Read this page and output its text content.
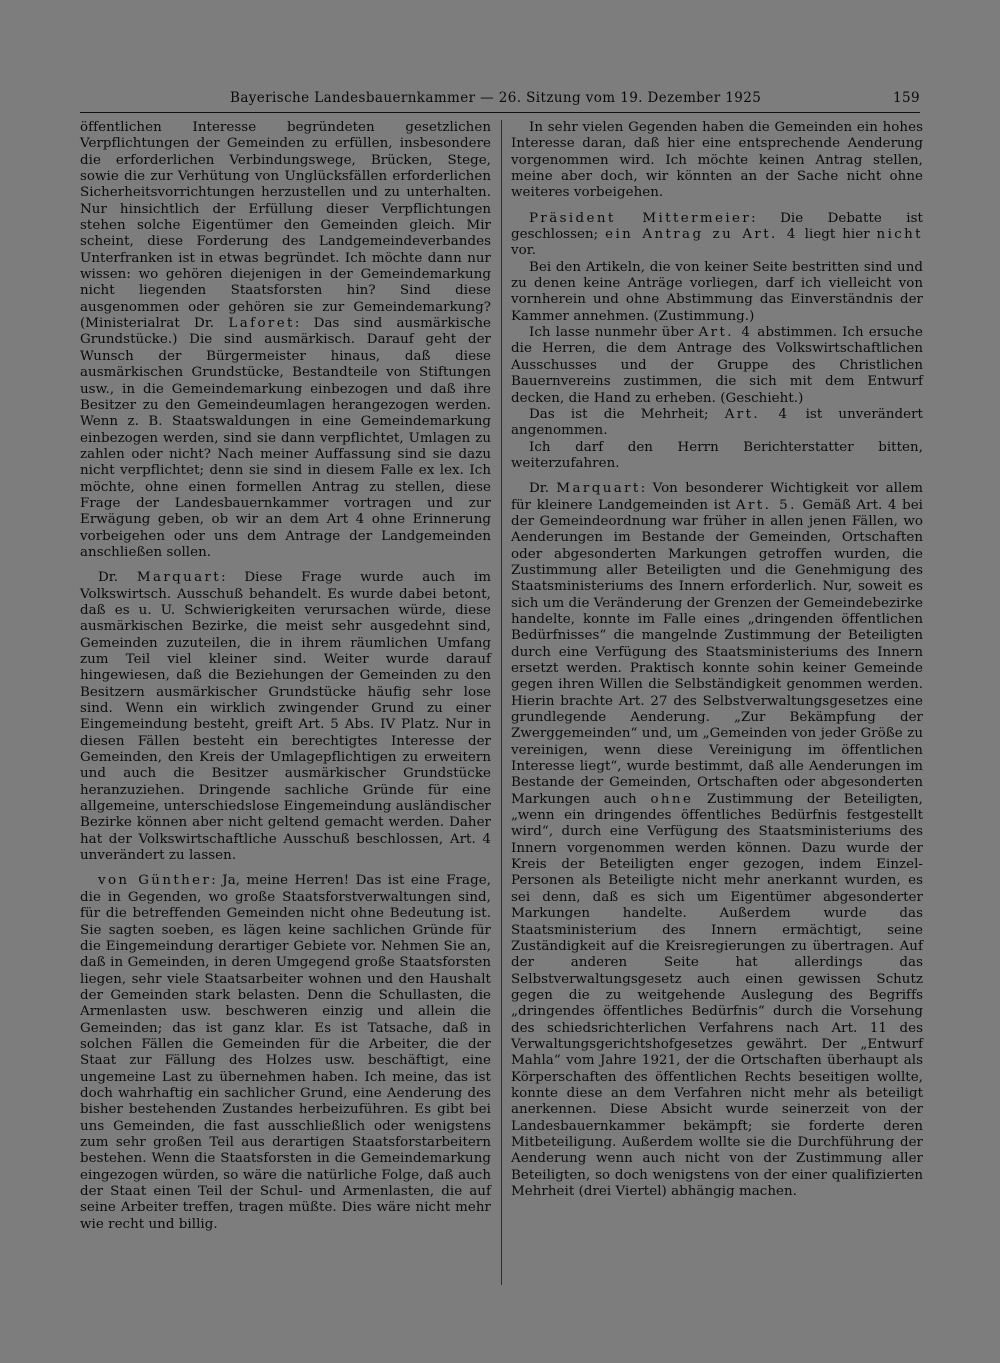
Bayerische Landesbauernkammer — 26. Sitzung vom 19. Dezember 1925	159

öffentlichen Interesse begründeten gesetzlichen Verpflichtungen der Gemeinden zu erfüllen, insbesondere die erforderlichen Verbindungswege, Brücken, Stege, sowie die zur Verhütung von Unglücksfällen erforderlichen Sicherheitsvorrichtungen herzustellen und zu unterhalten. Nur hinsichtlich der Erfüllung dieser Verpflichtungen stehen solche Eigentümer den Gemeinden gleich. Mir scheint, diese Forderung des Landgemeindeverbandes Unterfranken ist in etwas begründet. Ich möchte dann nur wissen: wo gehören diejenigen in der Gemeindemarkung nicht liegenden Staatsforsten hin? Sind diese ausgenommen oder gehören sie zur Gemeindemarkung? (Ministerialrat Dr. Laforet: Das sind ausmärkische Grundstücke.) Die sind ausmärkisch. Darauf geht der Wunsch der Bürgermeister hinaus, daß diese ausmärkischen Grundstücke, Bestandteile von Stiftungen usw., in die Gemeindemarkung einbezogen und daß ihre Besitzer zu den Gemeindeumlagen herangezogen werden. Wenn z. B. Staatswaldungen in eine Gemeindemarkung einbezogen werden, sind sie dann verpflichtet, Umlagen zu zahlen oder nicht? Nach meiner Auffassung sind sie dazu nicht verpflichtet; denn sie sind in diesem Falle ex lex. Ich möchte, ohne einen formellen Antrag zu stellen, diese Frage der Landesbauernkammer vortragen und zur Erwägung geben, ob wir an dem Art 4 ohne Erinnerung vorbeigehen oder uns dem Antrage der Landgemeinden anschließen sollen.

Dr. Marquart: Diese Frage wurde auch im Volkswirtsch. Ausschuß behandelt. Es wurde dabei betont, daß es u. U. Schwierigkeiten verursachen würde, diese ausmärkischen Bezirke, die meist sehr ausgedehnt sind, Gemeinden zuzuteilen, die in ihrem räumlichen Umfang zum Teil viel kleiner sind. Weiter wurde darauf hingewiesen, daß die Beziehungen der Gemeinden zu den Besitzern ausmärkischer Grundstücke häufig sehr lose sind. Wenn ein wirklich zwingender Grund zu einer Eingemeindung besteht, greift Art. 5 Abs. IV Platz. Nur in diesen Fällen besteht ein berechtigtes Interesse der Gemeinden, den Kreis der Umlagepflichtigen zu erweitern und auch die Besitzer ausmärkischer Grundstücke heranzuziehen. Dringende sachliche Gründe für eine allgemeine, unterschiedslose Eingemeindung ausländischer Bezirke können aber nicht geltend gemacht werden. Daher hat der Volkswirtschaftliche Ausschuß beschlossen, Art. 4 unverändert zu lassen.

von Günther: Ja, meine Herren! Das ist eine Frage, die in Gegenden, wo große Staatsforstverwaltungen sind, für die betreffenden Gemeinden nicht ohne Bedeutung ist. Sie sagten soeben, es lägen keine sachlichen Gründe für die Eingemeindung derartiger Gebiete vor. Nehmen Sie an, daß in Gemeinden, in deren Umgegend große Staatsforsten liegen, sehr viele Staatsarbeiter wohnen und den Haushalt der Gemeinden stark belasten. Denn die Schullasten, die Armenlasten usw. beschweren einzig und allein die Gemeinden; das ist ganz klar. Es ist Tatsache, daß in solchen Fällen die Gemeinden für die Arbeiter, die der Staat zur Fällung des Holzes usw. beschäftigt, eine ungemeine Last zu übernehmen haben. Ich meine, das ist doch wahrhaftig ein sachlicher Grund, eine Aenderung des bisher bestehenden Zustandes herbeizuführen. Es gibt bei uns Gemeinden, die fast ausschließlich oder wenigstens zum sehr großen Teil aus derartigen Staatsforstarbeitern bestehen. Wenn die Staatsforsten in die Gemeindemarkung eingezogen würden, so wäre die natürliche Folge, daß auch der Staat einen Teil der Schul- und Armenlasten, die auf seine Arbeiter treffen, tragen müßte. Dies wäre nicht mehr wie recht und billig.

In sehr vielen Gegenden haben die Gemeinden ein hohes Interesse daran, daß hier eine entsprechende Aenderung vorgenommen wird. Ich möchte keinen Antrag stellen, meine aber doch, wir könnten an der Sache nicht ohne weiteres vorbeigehen.

Präsident Mittermeier: Die Debatte ist geschlossen; ein Antrag zu Art. 4 liegt hier nicht vor.

Bei den Artikeln, die von keiner Seite bestritten sind und zu denen keine Anträge vorliegen, darf ich vielleicht von vornherein und ohne Abstimmung das Einverständnis der Kammer annehmen. (Zustimmung.)

Ich lasse nunmehr über Art. 4 abstimmen. Ich ersuche die Herren, die dem Antrage des Volkswirtschaftlichen Ausschusses und der Gruppe des Christlichen Bauernvereins zustimmen, die sich mit dem Entwurf decken, die Hand zu erheben. (Geschieht.)

Das ist die Mehrheit; Art. 4 ist unverändert angenommen.

Ich darf den Herrn Berichterstatter bitten, weiterzufahren.

Dr. Marquart: Von besonderer Wichtigkeit vor allem für kleinere Landgemeinden ist Art. 5. Gemäß Art. 4 bei der Gemeindeordnung war früher in allen jenen Fällen, wo Aenderungen im Bestande der Gemeinden, Ortschaften oder abgesonderten Markungen getroffen wurden, die Zustimmung aller Beteiligten und die Genehmigung des Staatsministeriums des Innern erforderlich. Nur, soweit es sich um die Veränderung der Grenzen der Gemeindebezirke handelte, konnte im Falle eines „dringenden öffentlichen Bedürfnisses“ die mangelnde Zustimmung der Beteiligten durch eine Verfügung des Staatsministeriums des Innern ersetzt werden. Praktisch konnte sohin keiner Gemeinde gegen ihren Willen die Selbständigkeit genommen werden. Hierin brachte Art. 27 des Selbstverwaltungsgesetzes eine grundlegende Aenderung. „Zur Bekämpfung der Zwerggemeinden“ und, um „Gemeinden von jeder Größe zu vereinigen, wenn diese Vereinigung im öffentlichen Interesse liegt“, wurde bestimmt, daß alle Aenderungen im Bestande der Gemeinden, Ortschaften oder abgesonderten Markungen auch ohne Zustimmung der Beteiligten, „wenn ein dringendes öffentliches Bedürfnis festgestellt wird“, durch eine Verfügung des Staatsministeriums des Innern vorgenommen werden können. Dazu wurde der Kreis der Beteiligten enger gezogen, indem Einzel-Personen als Beteiligte nicht mehr anerkannt wurden, es sei denn, daß es sich um Eigentümer abgesonderter Markungen handelte. Außerdem wurde das Staatsministerium des Innern ermächtigt, seine Zuständigkeit auf die Kreisregierungen zu übertragen. Auf der anderen Seite hat allerdings das Selbstverwaltungsgesetz auch einen gewissen Schutz gegen die zu weitgehende Auslegung des Begriffs „dringendes öffentliches Bedürfnis“ durch die Vorsehung des schiedsrichterlichen Verfahrens nach Art. 11 des Verwaltungsgerichtshofgesetzes gewährt. Der „Entwurf Mahla“ vom Jahre 1921, der die Ortschaften überhaupt als Körperschaften des öffentlichen Rechts beseitigen wollte, konnte diese an dem Verfahren nicht mehr als beteiligt anerkennen. Diese Absicht wurde seinerzeit von der Landesbauernkammer bekämpft; sie forderte deren Mitbeteiligung. Außerdem wollte sie die Durchführung der Aenderung wenn auch nicht von der Zustimmung aller Beteiligten, so doch wenigstens von der einer qualifizierten Mehrheit (drei Viertel) abhängig machen.
